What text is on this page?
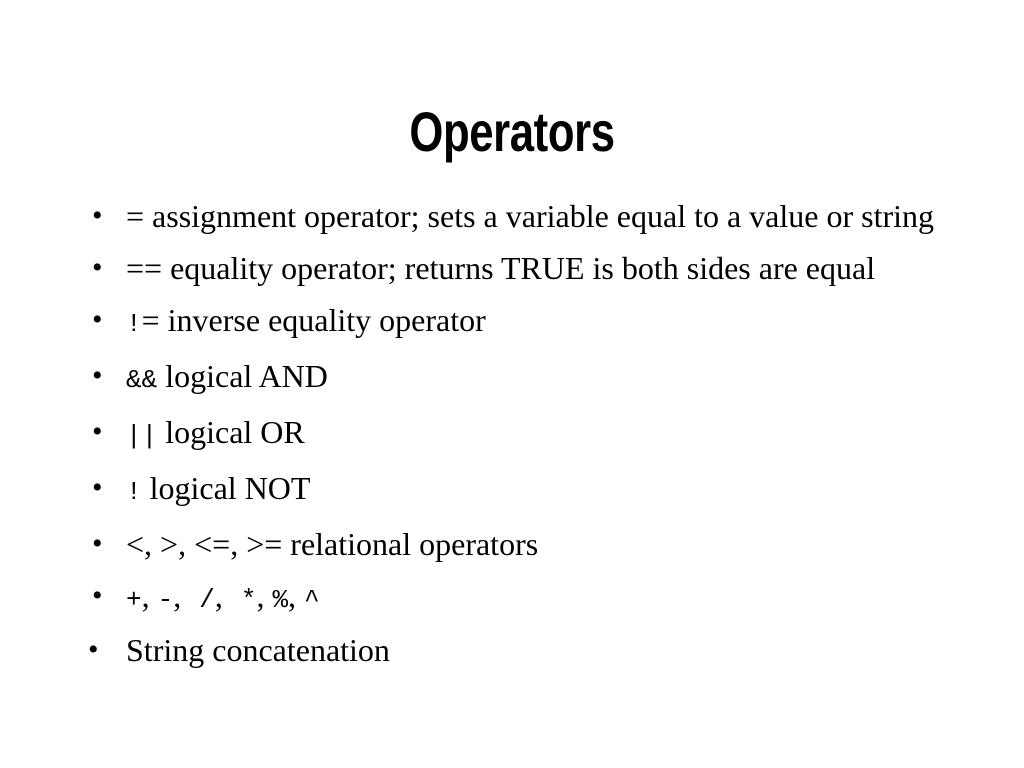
Operators
• = assignment operator; sets a variable equal to a value or string
• == equality operator; returns TRUE is both sides are equal
• != inverse equality operator
• && logical AND
• || logical OR
• ! logical NOT
• <, >, <=, >= relational operators
• +, -, /, *, %, ^
• String concatenation
